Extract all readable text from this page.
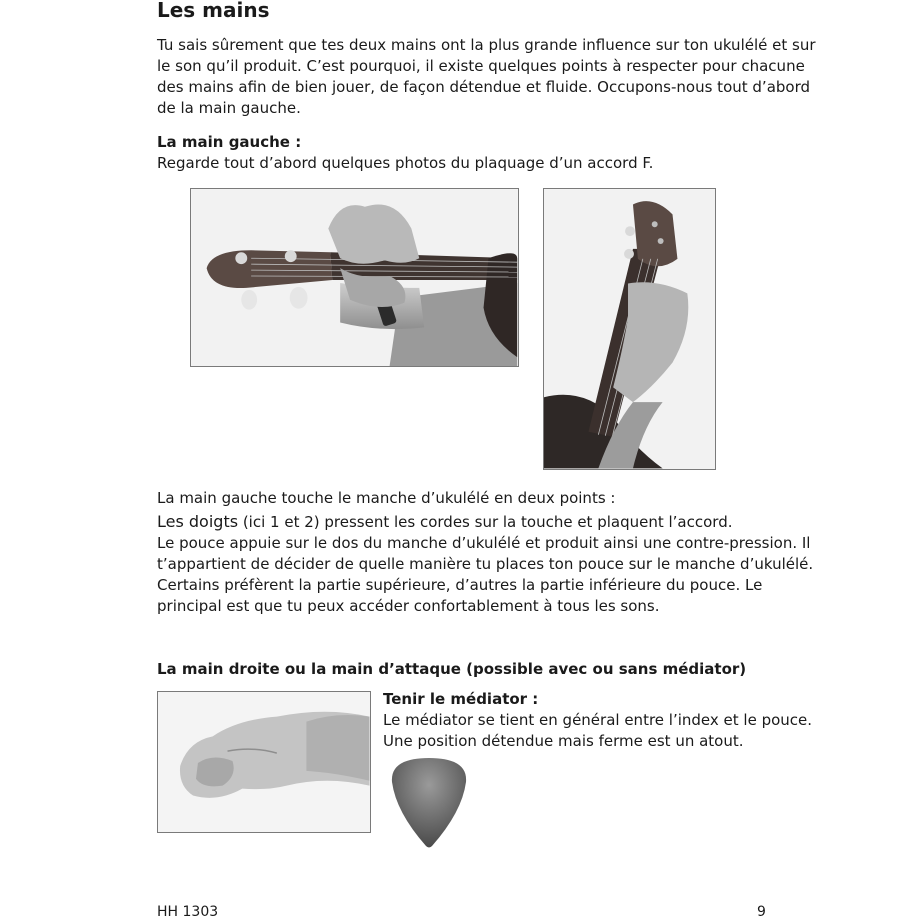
Les mains
Tu sais sûrement que tes deux mains ont la plus grande influence sur ton ukulélé et sur
le son qu’il produit. C’est pourquoi, il existe quelques points à respecter pour chacune
des mains afin de bien jouer, de façon détendue et fluide. Occupons-nous tout d’abord
de la main gauche.
La main gauche :
Regarde tout d’abord quelques photos du plaquage d’un accord F.
La main gauche touche le manche d’ukulélé en deux points :
Les doigts (ici 1 et 2) pressent les cordes sur la touche et plaquent l’accord.
Le pouce appuie sur le dos du manche d’ukulélé et produit ainsi une contre-pression. Il
t’appartient de décider de quelle manière tu places ton pouce sur le manche d’ukulélé.
Certains préfèrent la partie supérieure, d’autres la partie inférieure du pouce. Le
principal est que tu peux accéder confortablement à tous les sons.
La main droite ou la main d’attaque (possible avec ou sans médiator)
Tenir le médiator :
Le médiator se tient en général entre l’index et le pouce.
Une position détendue mais ferme est un atout.
HH 1303	9
